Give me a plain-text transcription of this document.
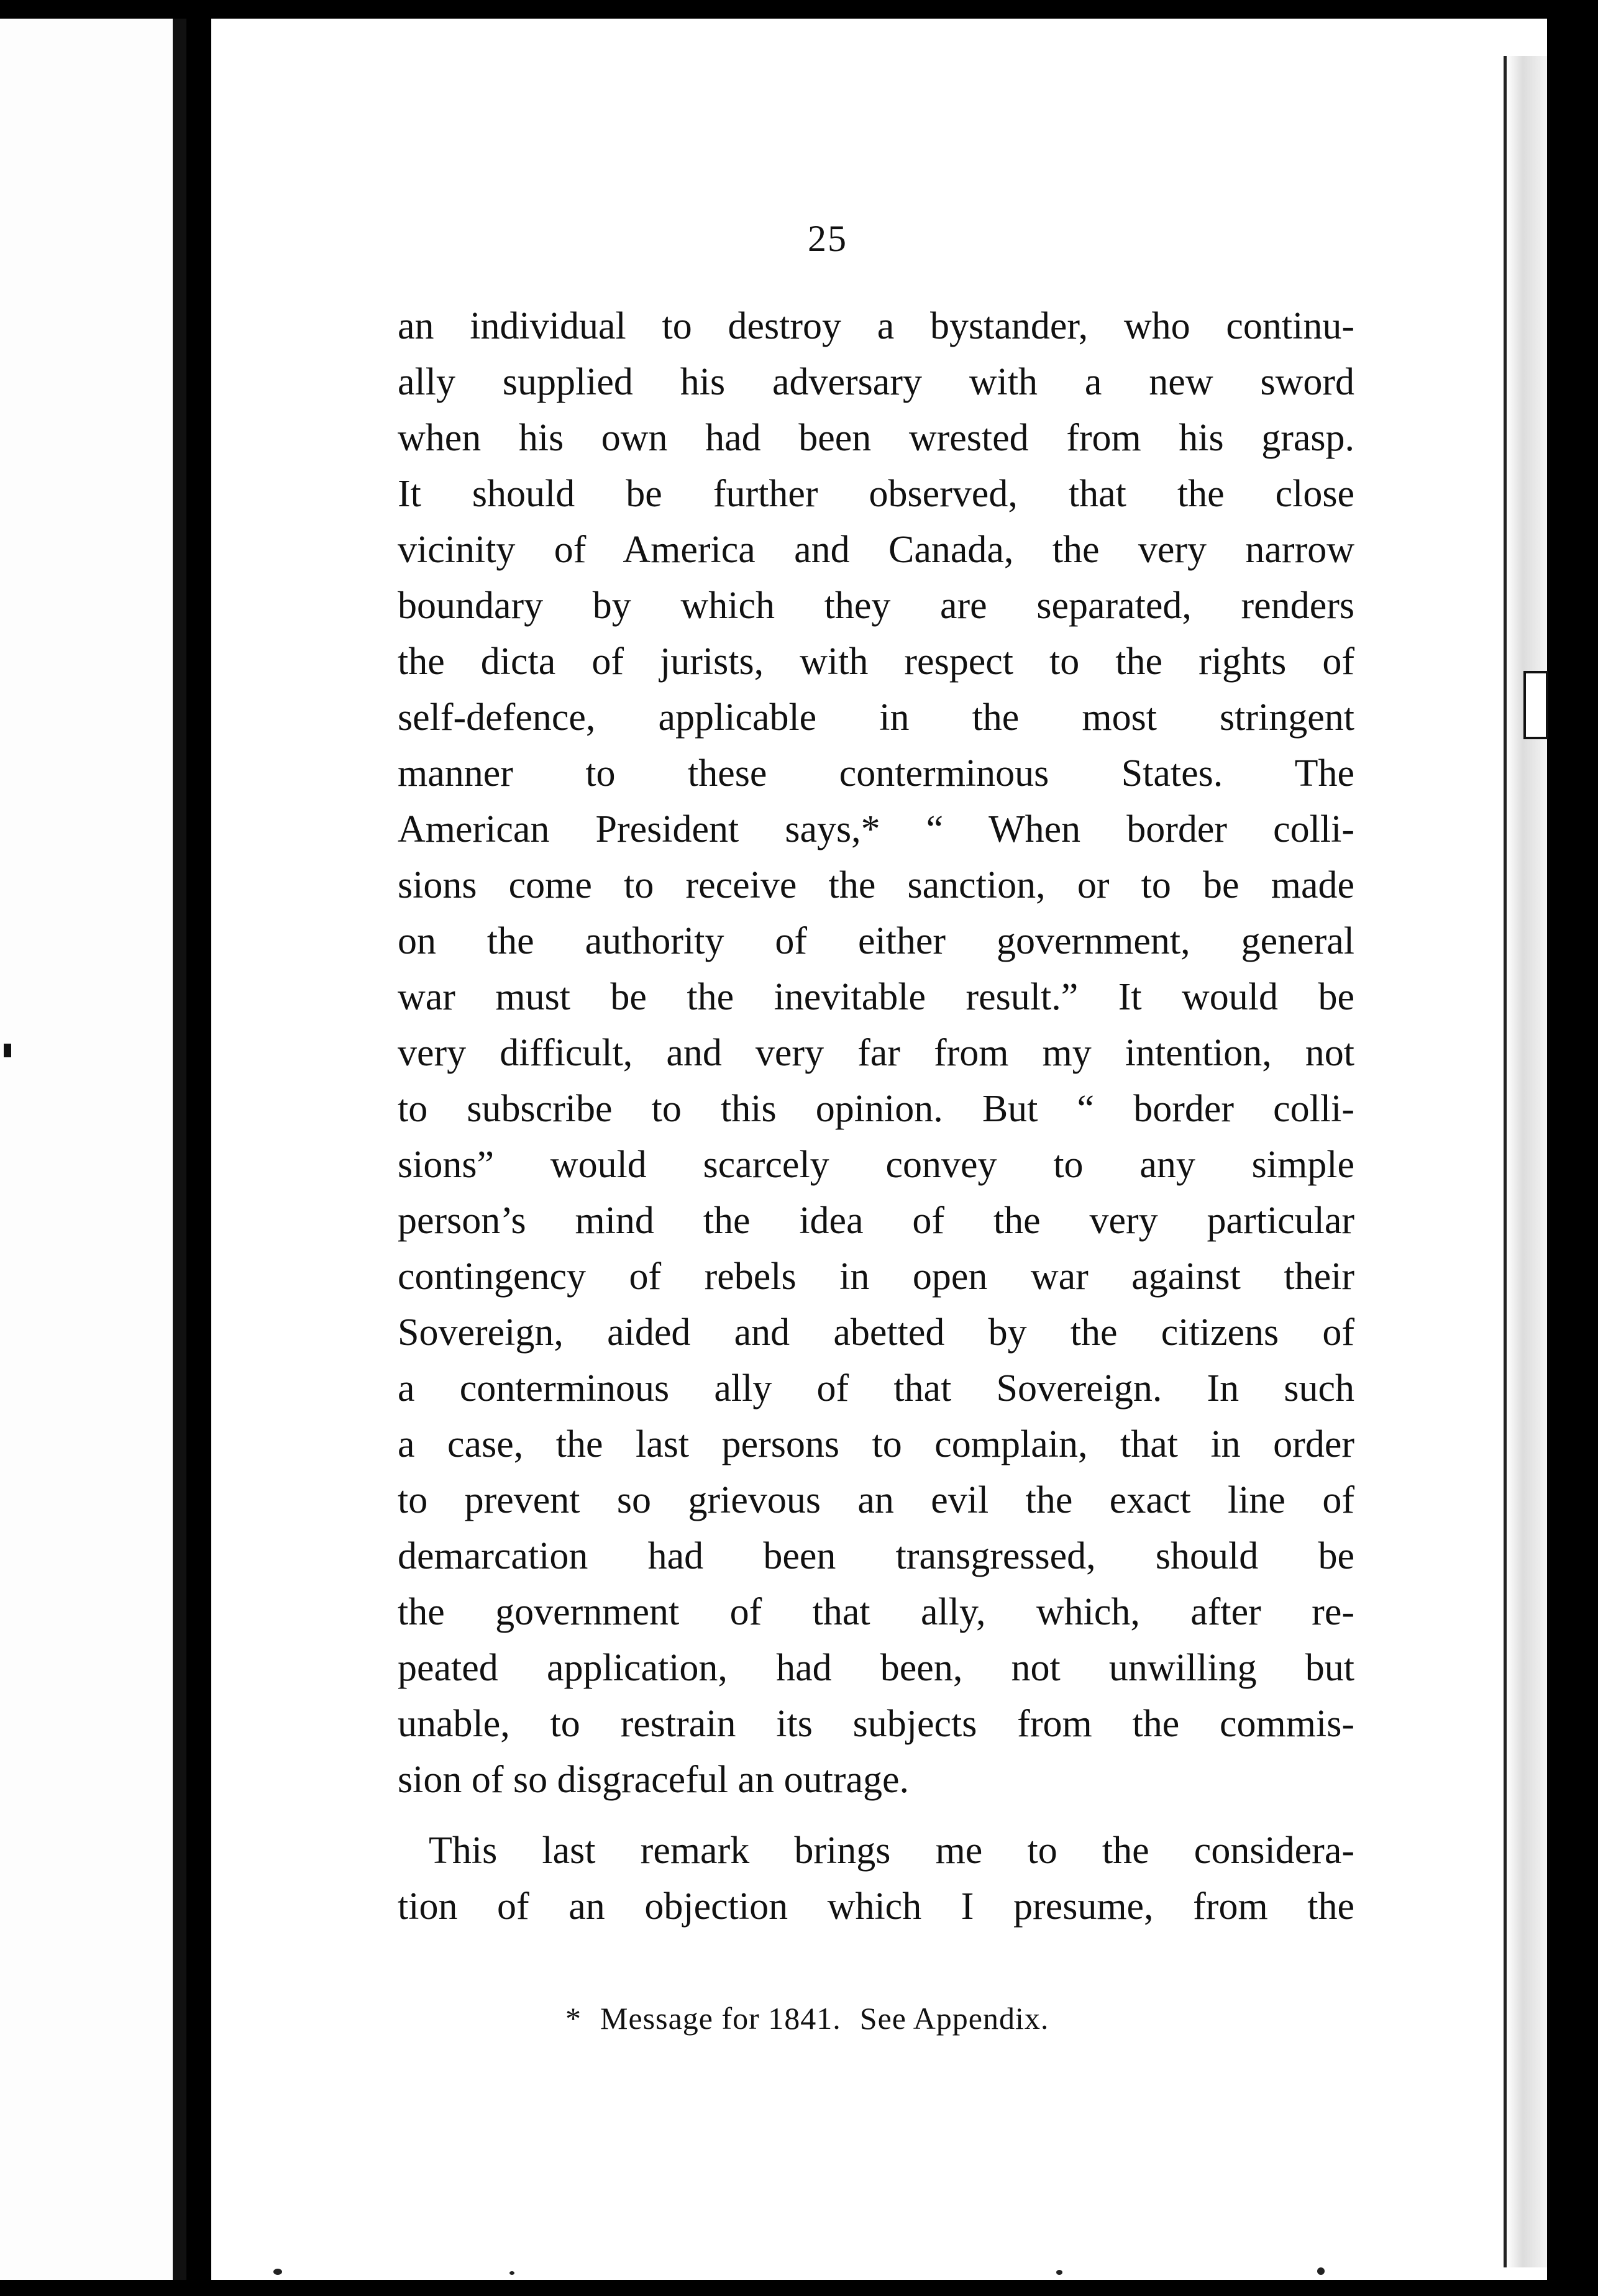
25
an individual to destroy a bystander, who continu-
ally supplied his adversary with a new sword
when his own had been wrested from his grasp.
It should be further observed, that the close
vicinity of America and Canada, the very narrow
boundary by which they are separated, renders
the dicta of jurists, with respect to the rights of
self-defence, applicable in the most stringent
manner to these conterminous States. The
American President says,* “ When border colli-
sions come to receive the sanction, or to be made
on the authority of either government, general
war must be the inevitable result.” It would be
very difficult, and very far from my intention, not
to subscribe to this opinion. But “ border colli-
sions” would scarcely convey to any simple
person’s mind the idea of the very particular
contingency of rebels in open war against their
Sovereign, aided and abetted by the citizens of
a conterminous ally of that Sovereign. In such
a case, the last persons to complain, that in order
to prevent so grievous an evil the exact line of
demarcation had been transgressed, should be
the government of that ally, which, after re-
peated application, had been, not unwilling but
unable, to restrain its subjects from the commis-
sion of so disgraceful an outrage.
This last remark brings me to the considera-
tion of an objection which I presume, from the
* Message for 1841. See Appendix.
